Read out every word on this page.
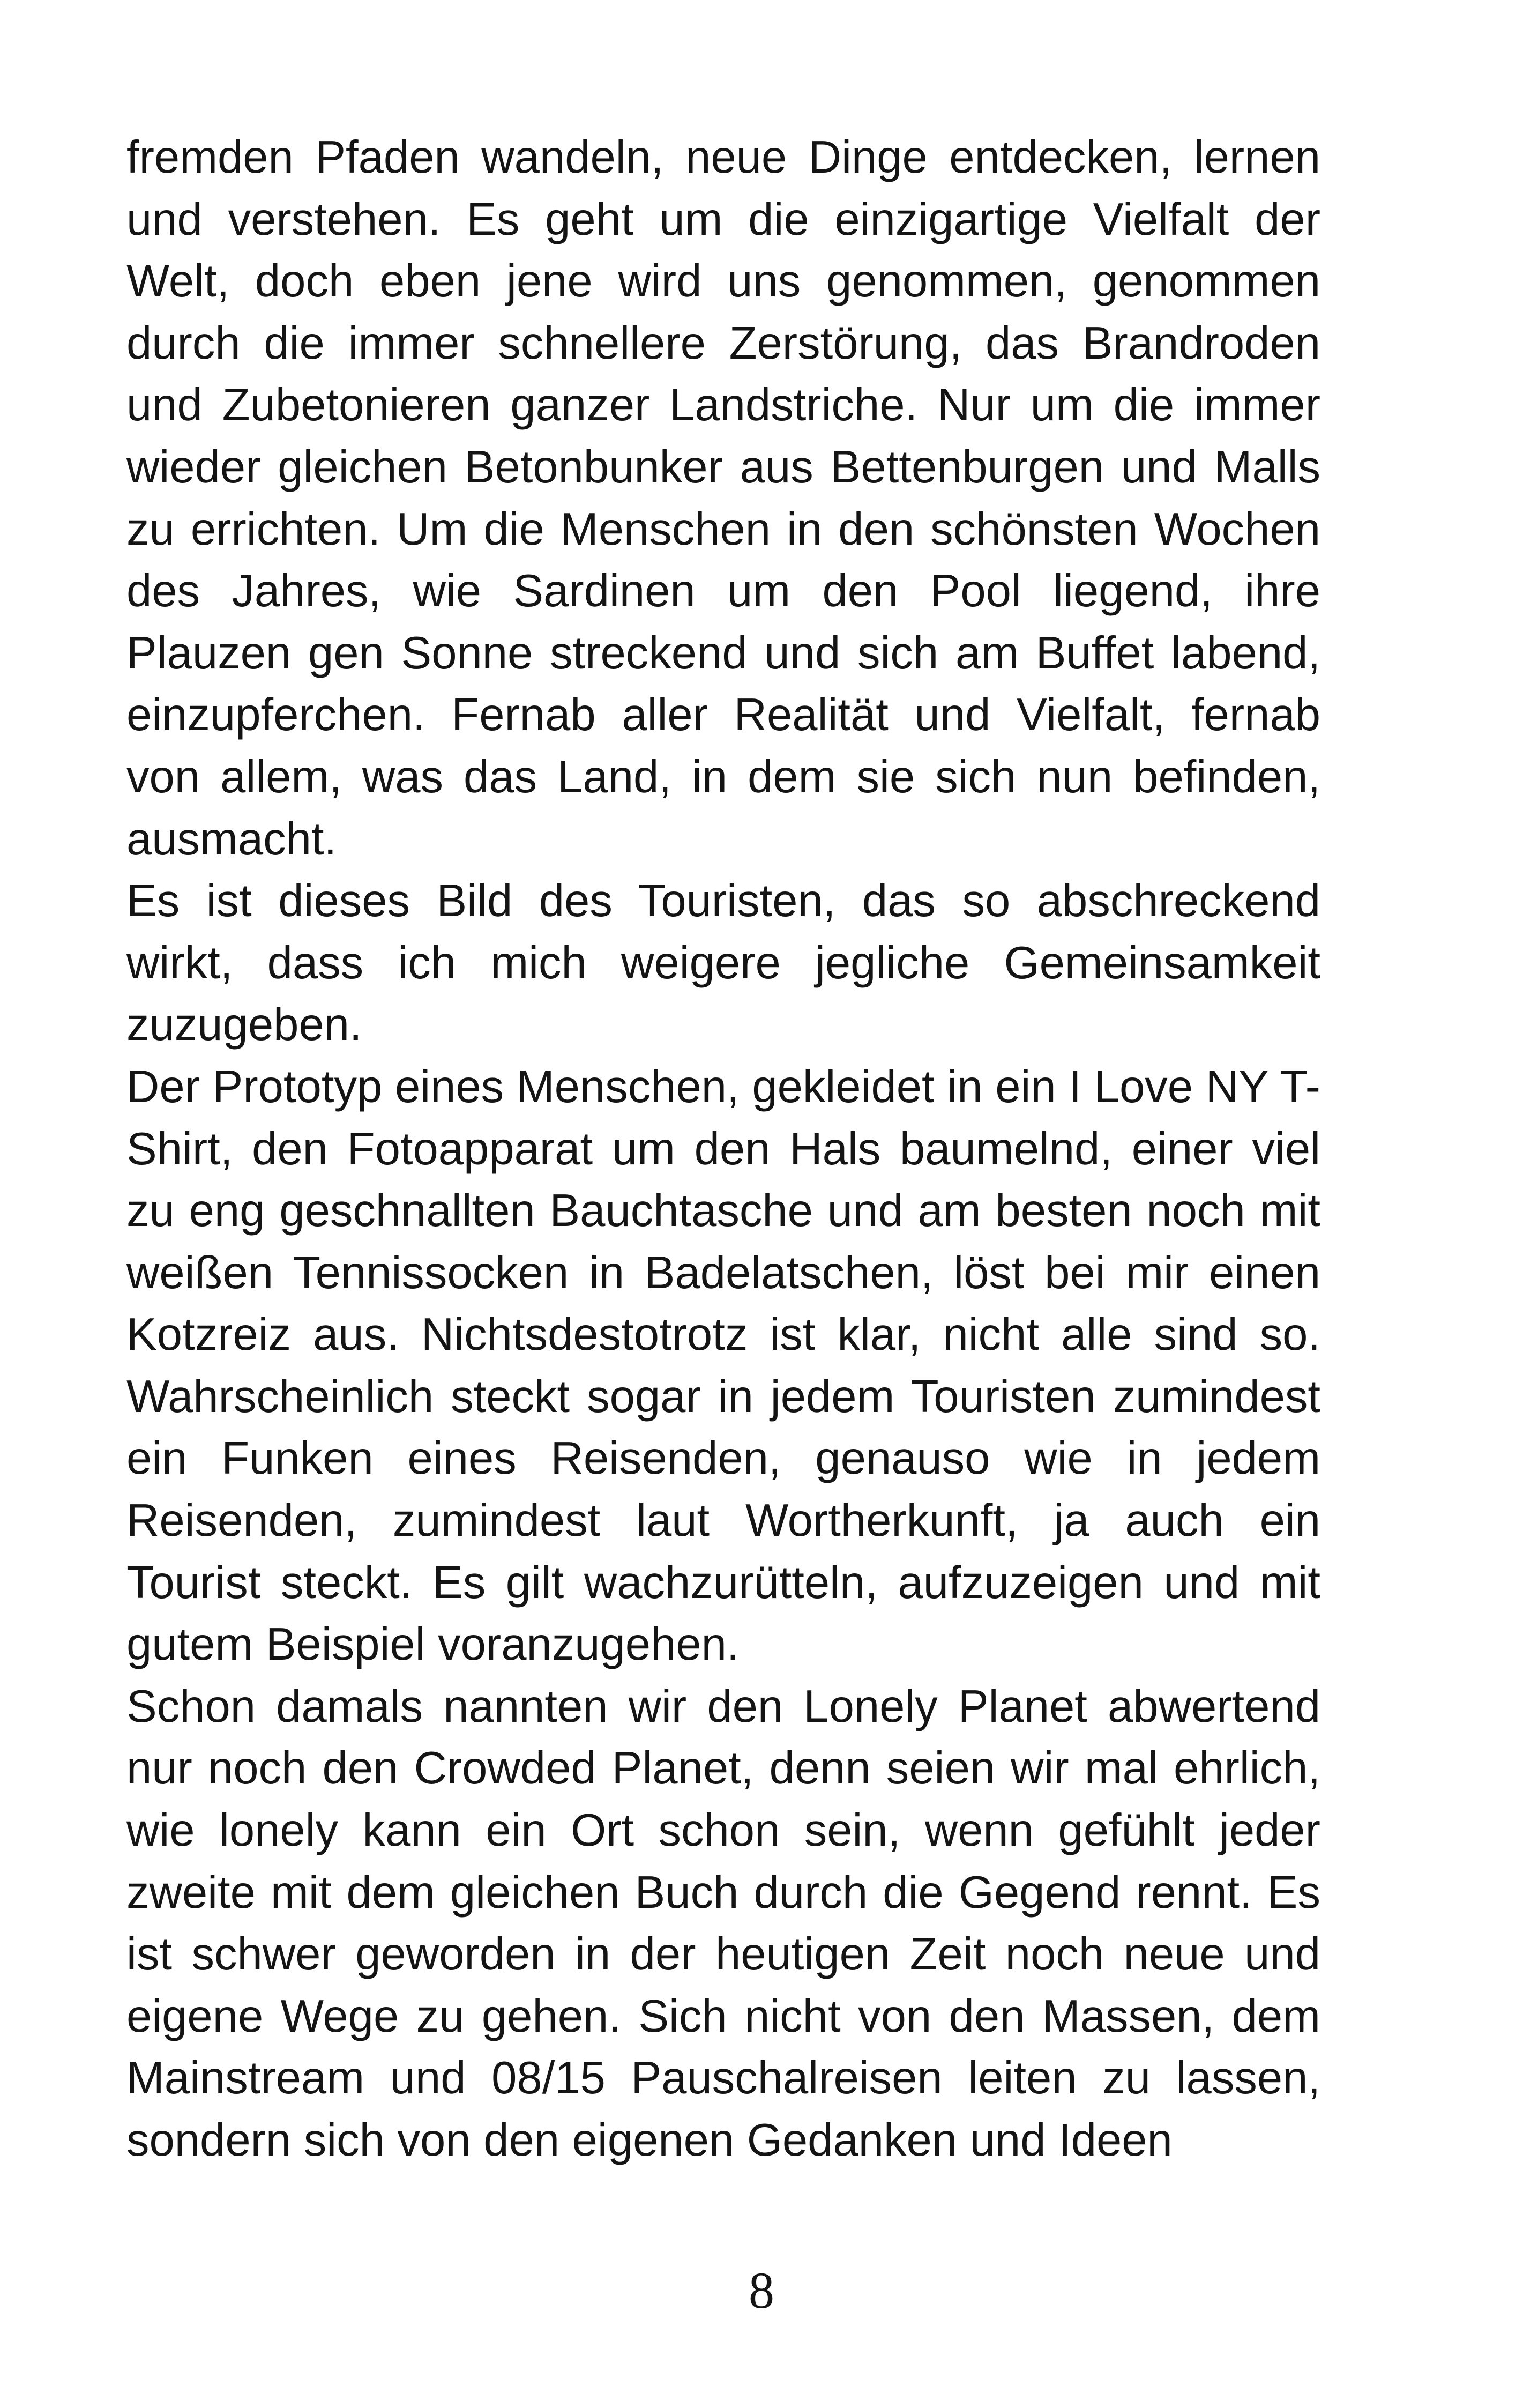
fremden Pfaden wandeln, neue Dinge entdecken, lernen und verstehen. Es geht um die einzigartige Vielfalt der Welt, doch eben jene wird uns genommen, genommen durch die immer schnellere Zerstörung, das Brandroden und Zubetonieren ganzer Landstriche. Nur um die immer wieder gleichen Betonbunker aus Bettenburgen und Malls zu errichten. Um die Menschen in den schönsten Wochen des Jahres, wie Sardinen um den Pool liegend, ihre Plauzen gen Sonne streckend und sich am Buffet labend, einzupferchen. Fernab aller Realität und Vielfalt, fernab von allem, was das Land, in dem sie sich nun befinden, ausmacht.

Es ist dieses Bild des Touristen, das so abschreckend wirkt, dass ich mich weigere jegliche Gemeinsamkeit zuzugeben.

Der Prototyp eines Menschen, gekleidet in ein I Love NY T-Shirt, den Fotoapparat um den Hals baumelnd, einer viel zu eng geschnallten Bauchtasche und am besten noch mit weißen Tennissocken in Badelatschen, löst bei mir einen Kotzreiz aus. Nichtsdestotrotz ist klar, nicht alle sind so. Wahrscheinlich steckt sogar in jedem Touristen zumindest ein Funken eines Reisenden, genauso wie in jedem Reisenden, zumindest laut Wortherkunft, ja auch ein Tourist steckt. Es gilt wachzurütteln, aufzuzeigen und mit gutem Beispiel voranzugehen.

Schon damals nannten wir den Lonely Planet abwertend nur noch den Crowded Planet, denn seien wir mal ehrlich, wie lonely kann ein Ort schon sein, wenn gefühlt jeder zweite mit dem gleichen Buch durch die Gegend rennt. Es ist schwer geworden in der heutigen Zeit noch neue und eigene Wege zu gehen. Sich nicht von den Massen, dem Mainstream und 08/15 Pauschalreisen leiten zu lassen, sondern sich von den eigenen Gedanken und Ideen

8
